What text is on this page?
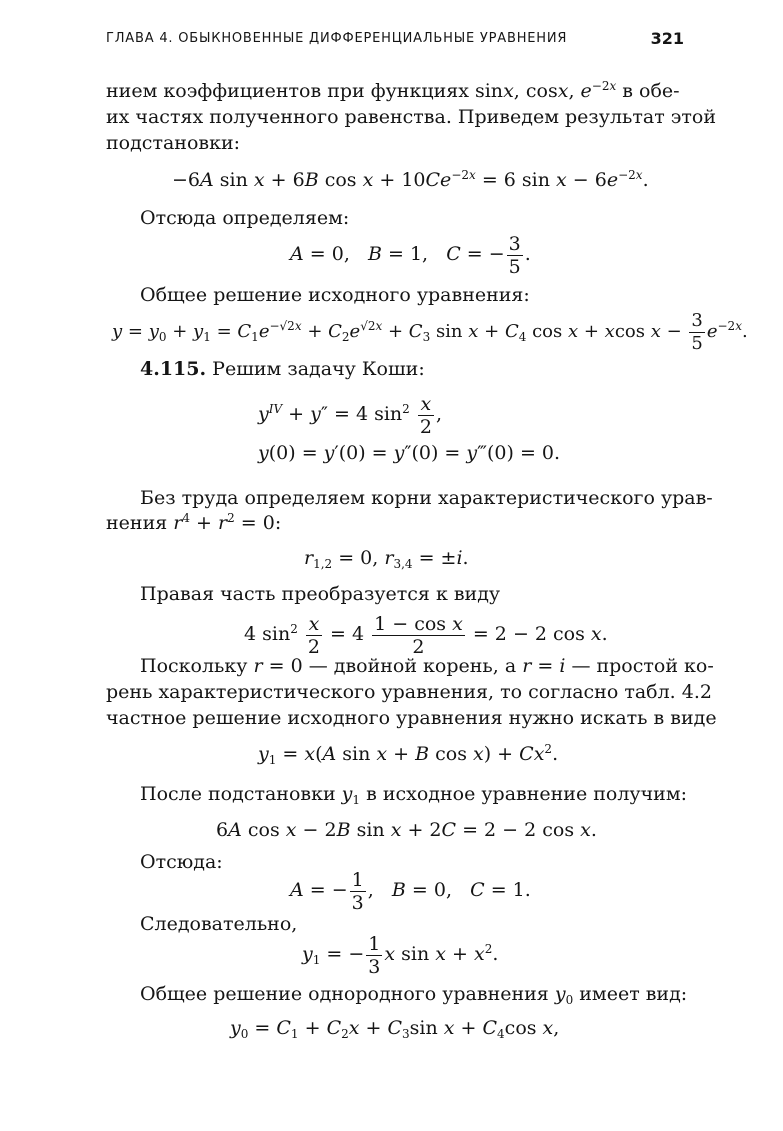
ГЛАВА 4. ОБЫКНОВЕННЫЕ ДИФФЕРЕНЦИАЛЬНЫЕ УРАВНЕНИЯ	321
нием коэффициентов при функциях sinx, cosx, $e^{-2x}$ в обе-
их частях полученного равенства. Приведем результат этой
подстановки:
−6A sin x + 6B $\cos x + 10Ce^{-2x} = 6$ $\sin x - 6e^{-2x}$.
Отсюда определяем:
A = 0,   B = 1,   C = − $\frac{3}{5}$ .
Общее решение исходного уравнения:
$y = y_0 + y_1 = C_1e^{-√2x} + C_2e^{√2x} + C_3$ $\sin x + C_4$ cos x + xcos $x - \frac{3}{5} e^{-2x}$.
4.115. Решим задачу Коши:
$y^{IV} + y'' = 4$ $\sin^2 \frac{x}{2}$ ,
y(0) = y′(0) = y″(0) = y‴(0) = 0.
Без труда определяем корни характеристического урав-
нения $r^4 + r^2 = 0$:
$r_{1,2} = 0$, $r_{3,4} = \pm i$.
Правая часть преобразуется к виду
4 $\sin^2 \frac{x}{2} = 4 \frac{\text{1 − cos x}}{2} = 2 - 2$ cos x.
Поскольку r = 0 — двойной корень, а r = i — простой ко-
рень характеристического уравнения, то согласно табл. 4.2
частное решение исходного уравнения нужно искать в виде
$y_1 = x(A$ sin x + B $\cos x) + Cx^2$.
После подстановки $y_1$ в исходное уравнение получим:
6A cos x − 2B sin x + 2C = 2 − 2 cos x.
Отсюда:
A = − $\frac{1}{3}$ ,   B = 0,   C = 1.
Следовательно,
$y_1$ = − $\frac{1}{3}$ x $\sin x + x^2$.
Общее решение однородного уравнения $y_0$ имеет вид:
$y_0 = C_1 + C_2x + C_3\sin$ $x + C_4\cos$ x,
